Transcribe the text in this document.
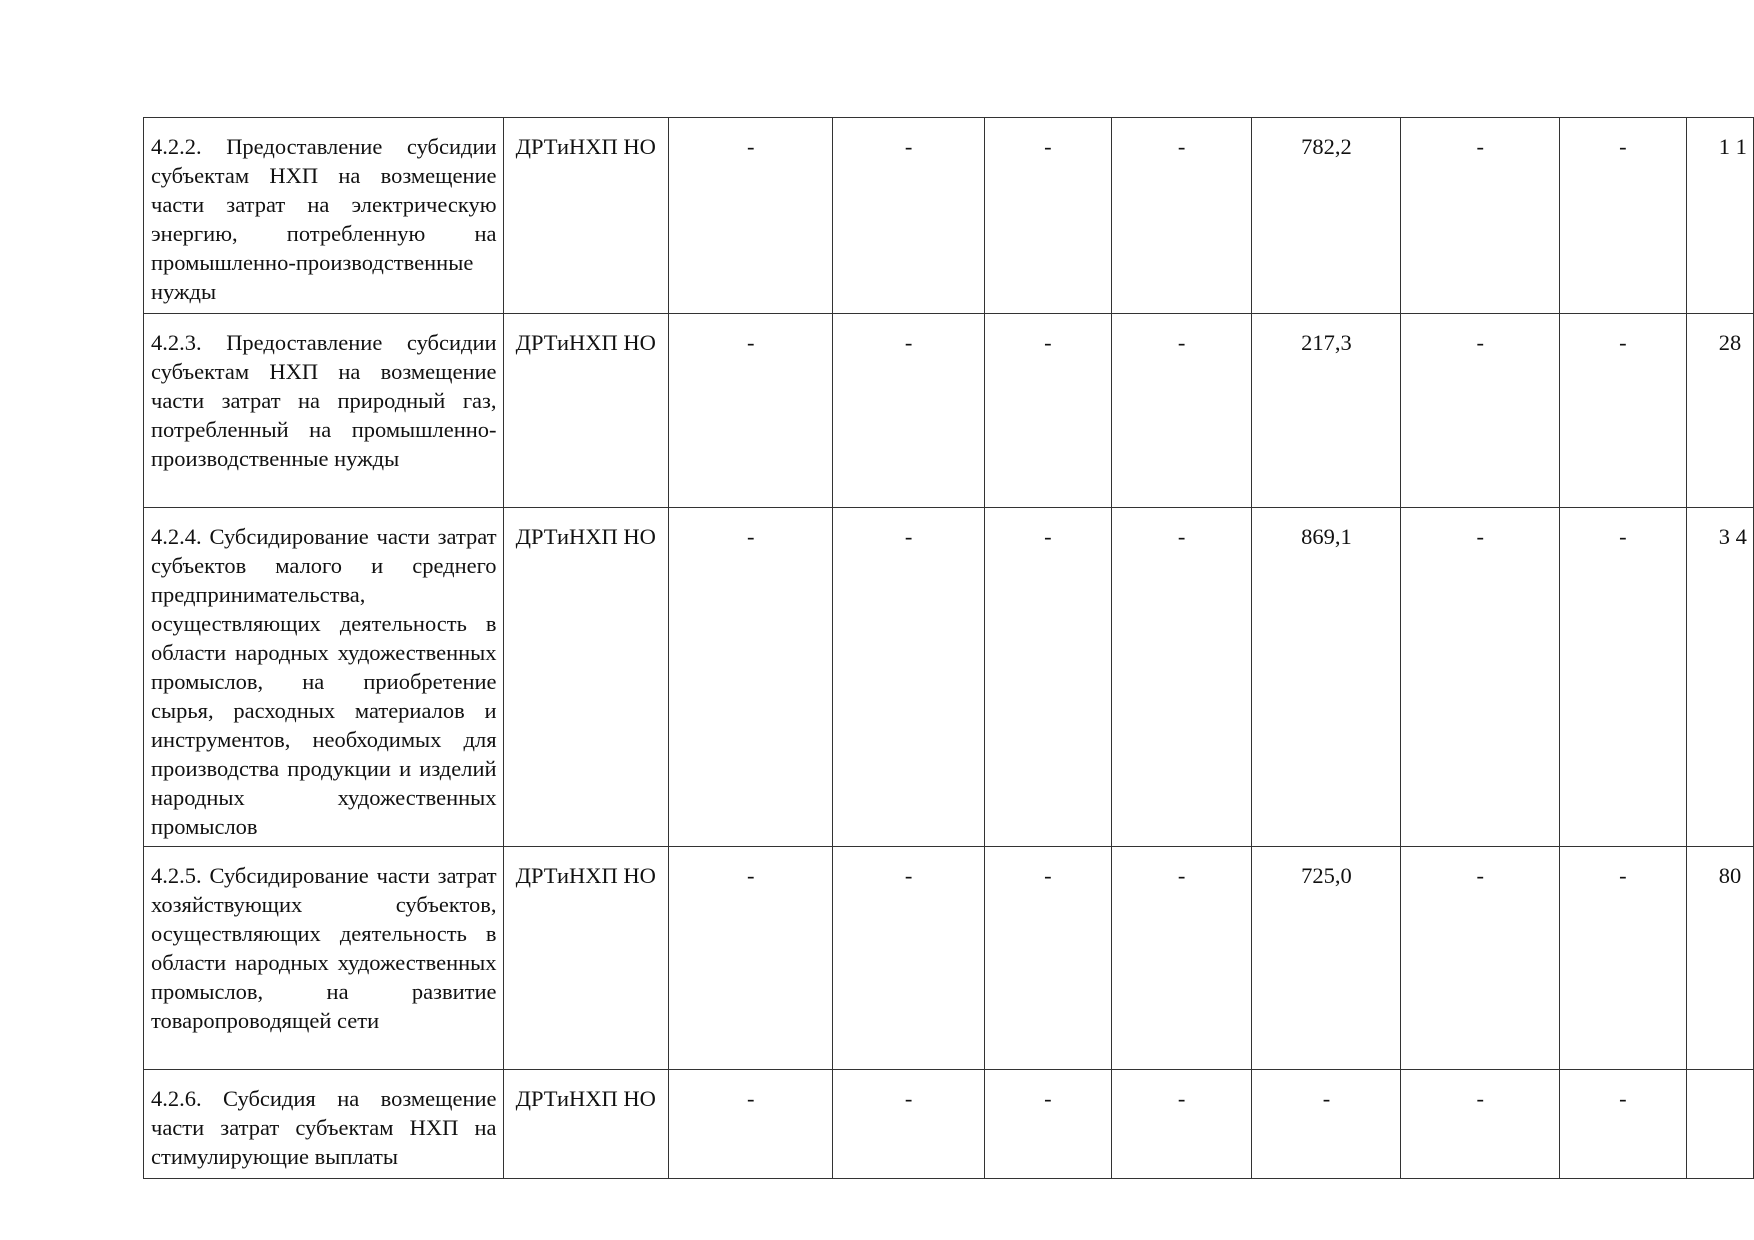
4.2.2. Предоставление субсидии субъектам НХП на возмещение части затрат на электрическую энергию, потребленную на промышленно-производственные нужды	ДРТиНХП НО	-	-	-	-	782,2	-	-	1 1

4.2.3. Предоставление субсидии субъектам НХП на возмещение части затрат на природный газ, потребленный на промышленно-производственные нужды	ДРТиНХП НО	-	-	-	-	217,3	-	-	28

4.2.4. Субсидирование части затрат субъектов малого и среднего предпринимательства, осуществляющих деятельность в области народных художественных промыслов, на приобретение сырья, расходных материалов и инструментов, необходимых для производства продукции и изделий народных художественных промыслов	ДРТиНХП НО	-	-	-	-	869,1	-	-	3 4

4.2.5. Субсидирование части затрат хозяйствующих субъектов, осуществляющих деятельность в области народных художественных промыслов, на развитие товаропроводящей сети	ДРТиНХП НО	-	-	-	-	725,0	-	-	80

4.2.6. Субсидия на возмещение части затрат субъектам НХП на стимулирующие выплаты	ДРТиНХП НО	-	-	-	-	-	-	-	
